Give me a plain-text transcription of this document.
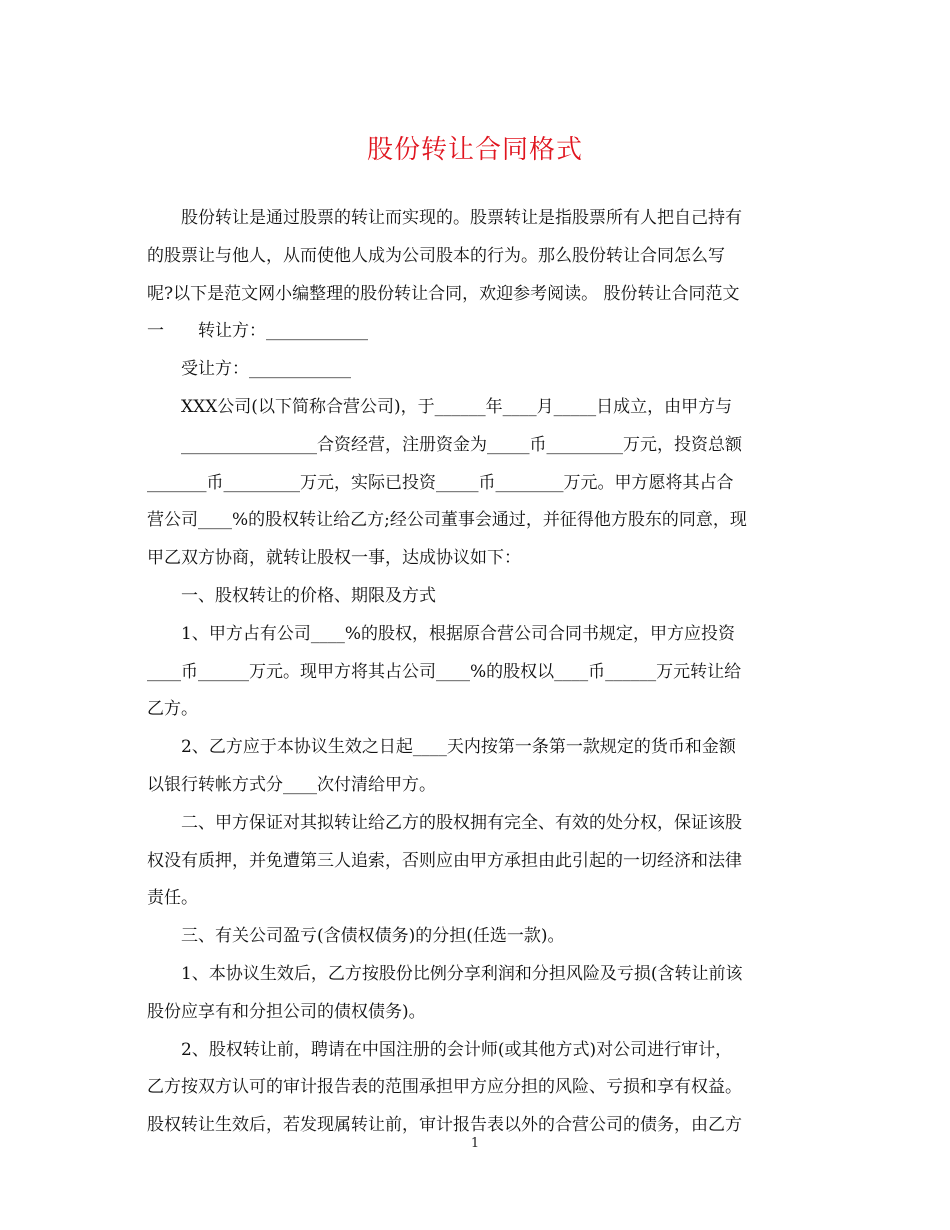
股份转让合同格式
　　股份转让是通过股票的转让而实现的。股票转让是指股票所有人把自己持有
的股票让与他人，从而使他人成为公司股本的行为。那么股份转让合同怎么写
呢?以下是范文网小编整理的股份转让合同，欢迎参考阅读。 股份转让合同范文
一　　转让方：____________
　　受让方：____________
　　XXX公司(以下简称合营公司)，于______年____月_____日成立，由甲方与
　　________________合资经营，注册资金为_____币_________万元，投资总额
_______币_________万元，实际已投资_____币________万元。甲方愿将其占合
营公司____%的股权转让给乙方;经公司董事会通过，并征得他方股东的同意，现
甲乙双方协商，就转让股权一事，达成协议如下：
　　一、股权转让的价格、期限及方式
　　1、甲方占有公司____%的股权，根据原合营公司合同书规定，甲方应投资
____币______万元。现甲方将其占公司____%的股权以____币______万元转让给
乙方。
　　2、乙方应于本协议生效之日起____天内按第一条第一款规定的货币和金额
以银行转帐方式分____次付清给甲方。
　　二、甲方保证对其拟转让给乙方的股权拥有完全、有效的处分权，保证该股
权没有质押，并免遭第三人追索，否则应由甲方承担由此引起的一切经济和法律
责任。
　　三、有关公司盈亏(含债权债务)的分担(任选一款)。
　　1、本协议生效后，乙方按股份比例分享利润和分担风险及亏损(含转让前该
股份应享有和分担公司的债权债务)。
　　2、股权转让前，聘请在中国注册的会计师(或其他方式)对公司进行审计，
乙方按双方认可的审计报告表的范围承担甲方应分担的风险、亏损和享有权益。
股权转让生效后，若发现属转让前，审计报告表以外的合营公司的债务，由乙方
1
